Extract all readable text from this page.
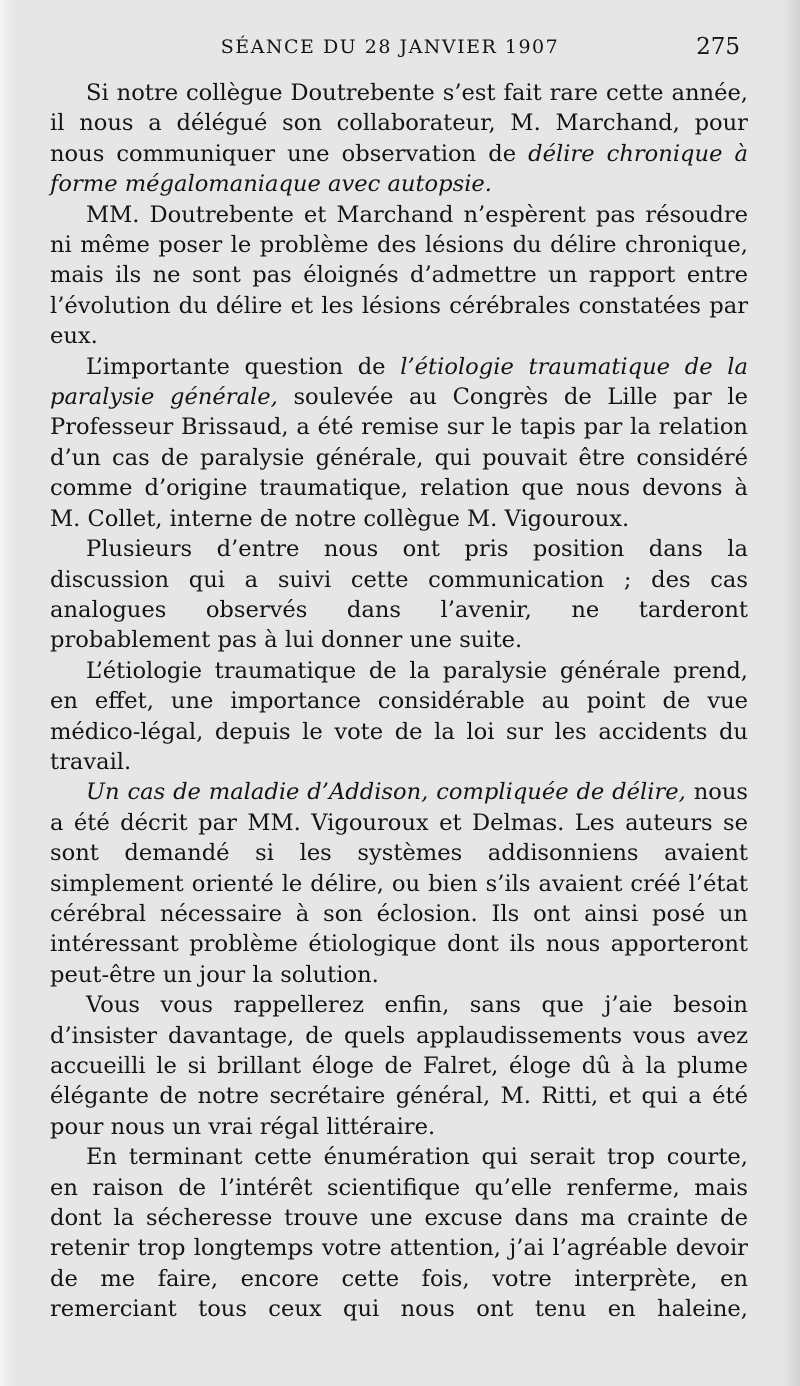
SÉANCE DU 28 JANVIER 1907	275

Si notre collègue Doutrebente s’est fait rare cette année, il nous a délégué son collaborateur, M. Marchand, pour nous communiquer une observation de délire chronique à forme mégalomaniaque avec autopsie.

MM. Doutrebente et Marchand n’espèrent pas résoudre ni même poser le problème des lésions du délire chronique, mais ils ne sont pas éloignés d’admettre un rapport entre l’évolution du délire et les lésions cérébrales constatées par eux.

L’importante question de l’étiologie traumatique de la paralysie générale, soulevée au Congrès de Lille par le Professeur Brissaud, a été remise sur le tapis par la relation d’un cas de paralysie générale, qui pouvait être considéré comme d’origine traumatique, relation que nous devons à M. Collet, interne de notre collègue M. Vigouroux.

Plusieurs d’entre nous ont pris position dans la discussion qui a suivi cette communication ; des cas analogues observés dans l’avenir, ne tarderont probablement pas à lui donner une suite.

L’étiologie traumatique de la paralysie générale prend, en effet, une importance considérable au point de vue médico-légal, depuis le vote de la loi sur les accidents du travail.

Un cas de maladie d’Addison, compliquée de délire, nous a été décrit par MM. Vigouroux et Delmas. Les auteurs se sont demandé si les systèmes addisonniens avaient simplement orienté le délire, ou bien s’ils avaient créé l’état cérébral nécessaire à son éclosion. Ils ont ainsi posé un intéressant problème étiologique dont ils nous apporteront peut-être un jour la solution.

Vous vous rappellerez enfin, sans que j’aie besoin d’insister davantage, de quels applaudissements vous avez accueilli le si brillant éloge de Falret, éloge dû à la plume élégante de notre secrétaire général, M. Ritti, et qui a été pour nous un vrai régal littéraire.

En terminant cette énumération qui serait trop courte, en raison de l’intérêt scientifique qu’elle renferme, mais dont la sécheresse trouve une excuse dans ma crainte de retenir trop longtemps votre attention, j’ai l’agréable devoir de me faire, encore cette fois, votre interprète, en remerciant tous ceux qui nous ont tenu en haleine,
